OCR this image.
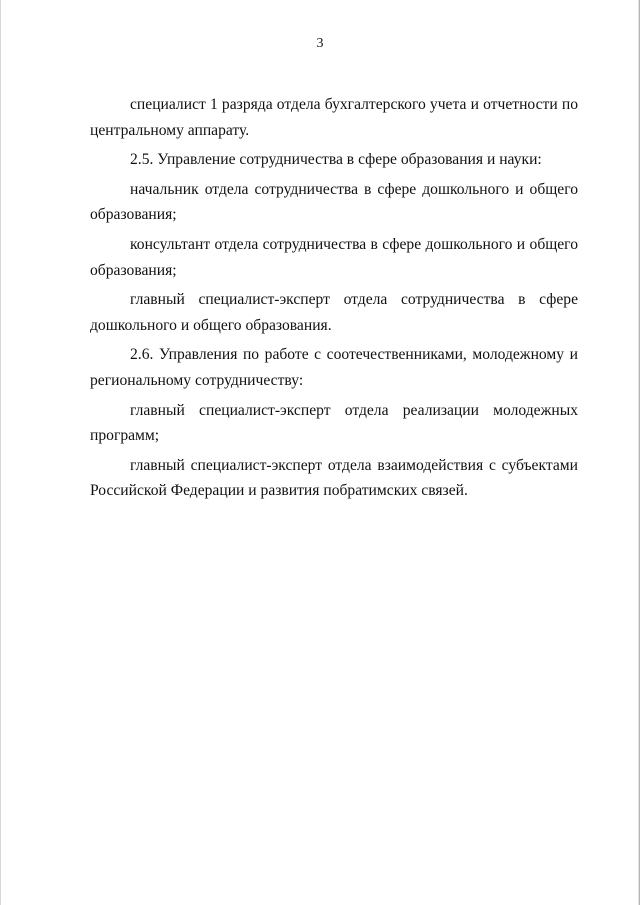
3

специалист 1 разряда отдела бухгалтерского учета и отчетности по центральному аппарату.

2.5. Управление сотрудничества в сфере образования и науки:

начальник отдела сотрудничества в сфере дошкольного и общего образования;

консультант отдела сотрудничества в сфере дошкольного и общего образования;

главный специалист-эксперт отдела сотрудничества в сфере дошкольного и общего образования.

2.6. Управления по работе с соотечественниками, молодежному и региональному сотрудничеству:

главный специалист-эксперт отдела реализации молодежных программ;

главный специалист-эксперт отдела взаимодействия с субъектами Российской Федерации и развития побратимских связей.
